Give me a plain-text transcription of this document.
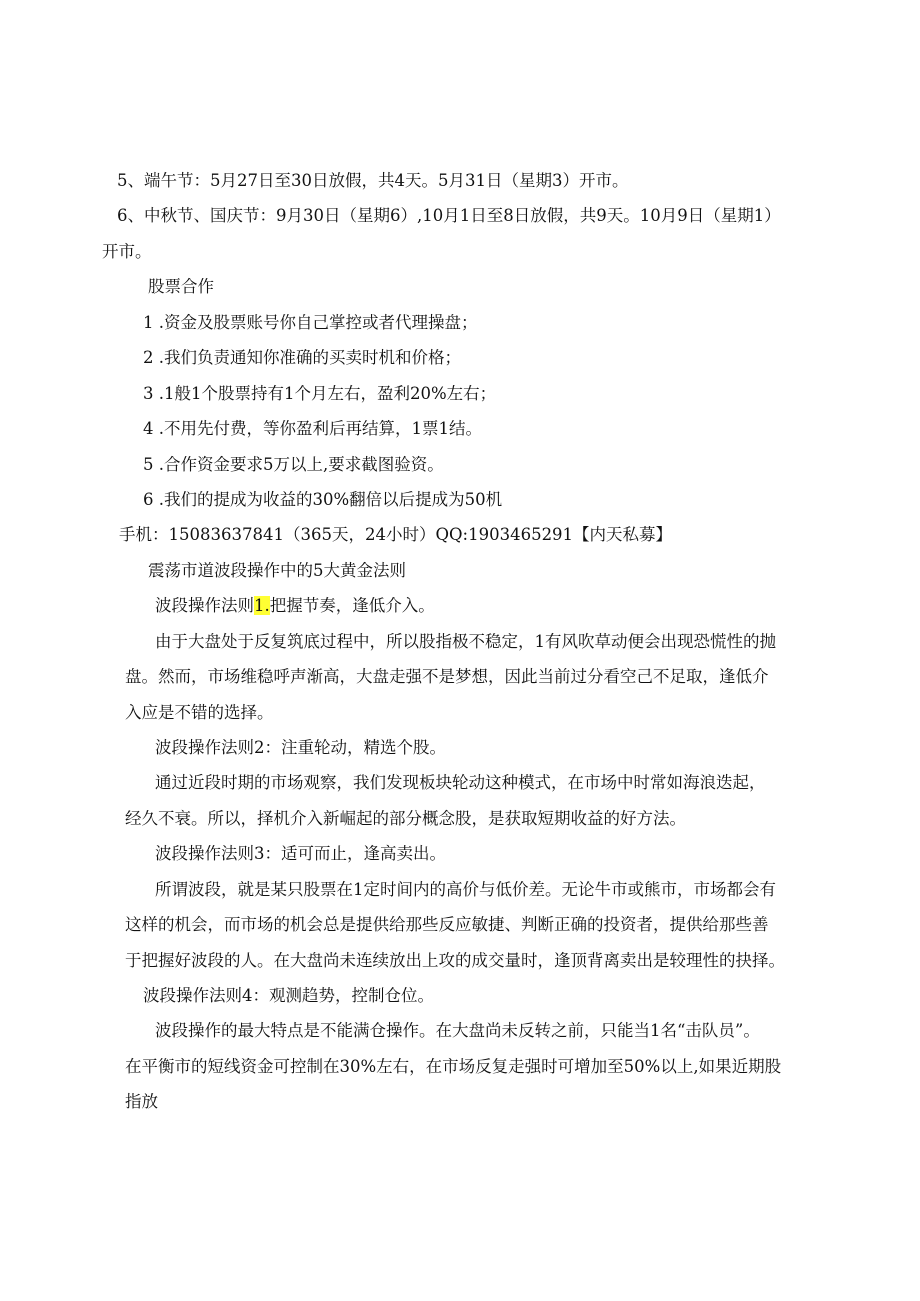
5、端午节：5月27日至30日放假，共4天。5月31日（星期3）开市。
6、中秋节、国庆节：9月30日（星期6）,10月1日至8日放假，共9天。10月9日（星期1）
开市。
股票合作
1 .资金及股票账号你自己掌控或者代理操盘；
2 .我们负责通知你准确的买卖时机和价格；
3 .1般1个股票持有1个月左右，盈利20%左右；
4 .不用先付费，等你盈利后再结算，1票1结。
5 .合作资金要求5万以上,要求截图验资。
6 .我们的提成为收益的30%翻倍以后提成为50机
手机：15083637841（365天，24小时）QQ:1903465291【内天私募】
震荡市道波段操作中的5大黄金法则
波段操作法则1.把握节奏，逢低介入。
由于大盘处于反复筑底过程中，所以股指极不稳定，1有风吹草动便会出现恐慌性的抛
盘。然而，市场维稳呼声渐高，大盘走强不是梦想，因此当前过分看空己不足取，逢低介
入应是不错的选择。
波段操作法则2：注重轮动，精选个股。
通过近段时期的市场观察，我们发现板块轮动这种模式，在市场中时常如海浪迭起，
经久不衰。所以，择机介入新崛起的部分概念股，是获取短期收益的好方法。
波段操作法则3：适可而止，逢高卖出。
所谓波段，就是某只股票在1定时间内的高价与低价差。无论牛市或熊市，市场都会有
这样的机会，而市场的机会总是提供给那些反应敏捷、判断正确的投资者，提供给那些善
于把握好波段的人。在大盘尚未连续放出上攻的成交量时，逢顶背离卖出是较理性的抉择。
波段操作法则4：观测趋势，控制仓位。
波段操作的最大特点是不能满仓操作。在大盘尚未反转之前，只能当1名“击队员”。
在平衡市的短线资金可控制在30%左右，在市场反复走强时可增加至50%以上,如果近期股
指放
